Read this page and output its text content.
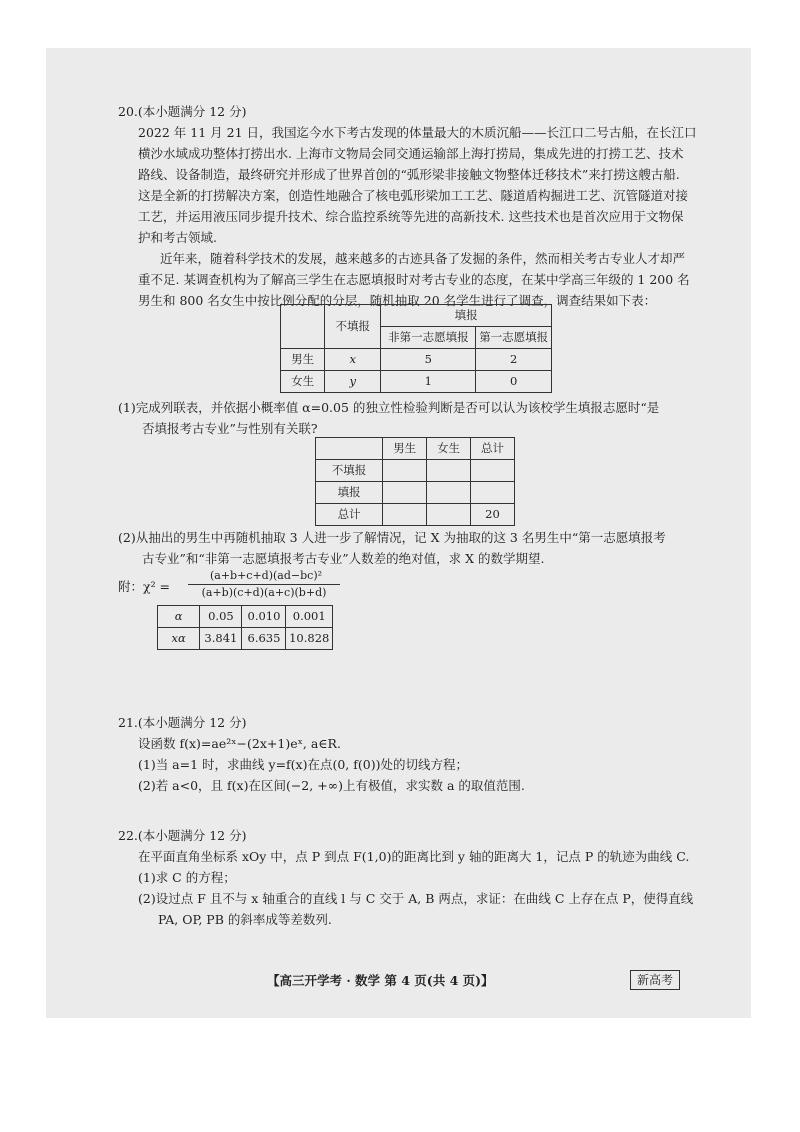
20.(本小题满分 12 分)
2022 年 11 月 21 日，我国迄今水下考古发现的体量最大的木质沉船——长江口二号古船，在长江口
横沙水域成功整体打捞出水. 上海市文物局会同交通运输部上海打捞局，集成先进的打捞工艺、技术
路线、设备制造，最终研究并形成了世界首创的“弧形梁非接触文物整体迁移技术”来打捞这艘古船.
这是全新的打捞解决方案，创造性地融合了核电弧形梁加工工艺、隧道盾构掘进工艺、沉管隧道对接
工艺，并运用液压同步提升技术、综合监控系统等先进的高新技术. 这些技术也是首次应用于文物保
护和考古领域.
近年来，随着科学技术的发展，越来越多的古迹具备了发掘的条件，然而相关考古专业人才却严
重不足. 某调查机构为了解高三学生在志愿填报时对考古专业的态度，在某中学高三年级的 1 200 名
男生和 800 名女生中按比例分配的分层，随机抽取 20 名学生进行了调查，调查结果如下表：
	不填报	填报	
		非第一志愿填报	第一志愿填报
男生	x	5	2
女生	y	1	0
(1)完成列联表，并依据小概率值 α=0.05 的独立性检验判断是否可以认为该校学生填报志愿时“是
否填报考古专业”与性别有关联?
	男生	女生	总计
不填报			
填报			
总计			20
(2)从抽出的男生中再随机抽取 3 人进一步了解情况，记 X 为抽取的这 3 名男生中“第一志愿填报考
古专业”和“非第一志愿填报考古专业”人数差的绝对值，求 X 的数学期望.
附：χ² =
(a+b+c+d)(ad−bc)²
(a+b)(c+d)(a+c)(b+d)
α	0.05	0.010	0.001
xα	3.841	6.635	10.828
21.(本小题满分 12 分)
设函数 f(x)=ae²ˣ−(2x+1)eˣ, a∈R.
(1)当 a=1 时，求曲线 y=f(x)在点(0, f(0))处的切线方程；
(2)若 a<0，且 f(x)在区间(−2, +∞)上有极值，求实数 a 的取值范围.
22.(本小题满分 12 分)
在平面直角坐标系 xOy 中，点 P 到点 F(1,0)的距离比到 y 轴的距离大 1，记点 P 的轨迹为曲线 C.
(1)求 C 的方程；
(2)设过点 F 且不与 x 轴重合的直线 l 与 C 交于 A, B 两点，求证：在曲线 C 上存在点 P，使得直线
PA, OP, PB 的斜率成等差数列.
【高三开学考 · 数学 第 4 页(共 4 页)】	新高考
